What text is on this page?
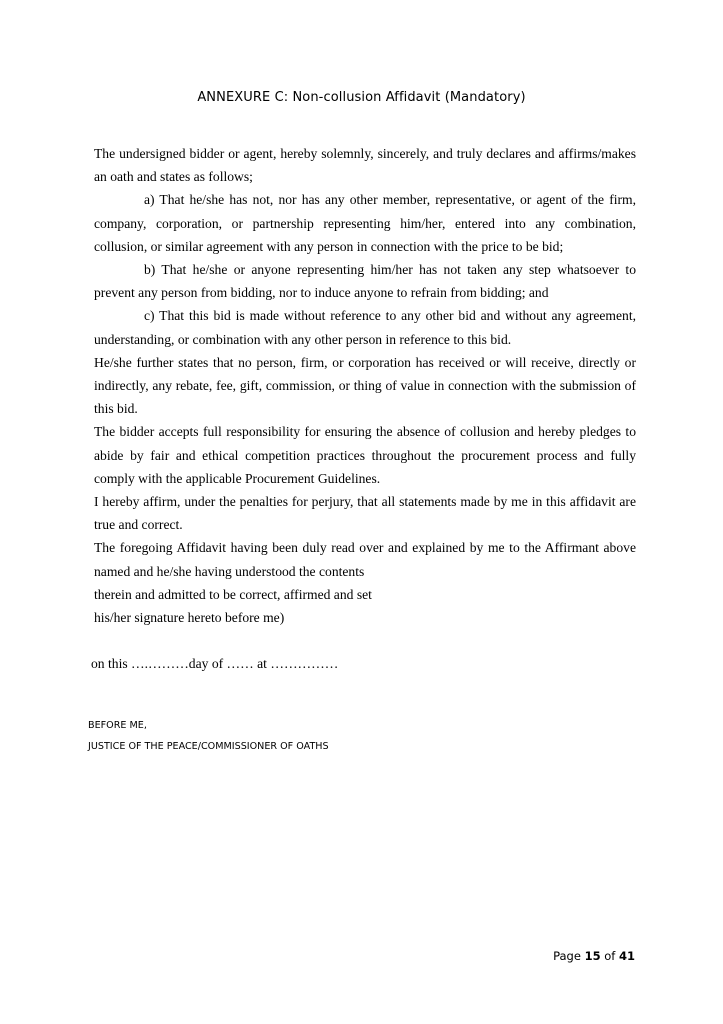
ANNEXURE C: Non-collusion Affidavit (Mandatory)

The undersigned bidder or agent, hereby solemnly, sincerely, and truly declares and affirms/makes an oath and states as follows;

a) That he/she has not, nor has any other member, representative, or agent of the firm, company, corporation, or partnership representing him/her, entered into any combination, collusion, or similar agreement with any person in connection with the price to be bid;

b) That he/she or anyone representing him/her has not taken any step whatsoever to prevent any person from bidding, nor to induce anyone to refrain from bidding; and

c) That this bid is made without reference to any other bid and without any agreement, understanding, or combination with any other person in reference to this bid.

He/she further states that no person, firm, or corporation has received or will receive, directly or indirectly, any rebate, fee, gift, commission, or thing of value in connection with the submission of this bid.

The bidder accepts full responsibility for ensuring the absence of collusion and hereby pledges to abide by fair and ethical competition practices throughout the procurement process and fully comply with the applicable Procurement Guidelines.

I hereby affirm, under the penalties for perjury, that all statements made by me in this affidavit are true and correct.

The foregoing Affidavit having been duly read over and explained by me to the Affirmant above named and he/she having understood the contents

therein and admitted to be correct, affirmed and set

his/her signature hereto before me)

on this ….………day of …… at ……………
BEFORE ME,
JUSTICE OF THE PEACE/COMMISSIONER OF OATHS
Page 15 of 41
